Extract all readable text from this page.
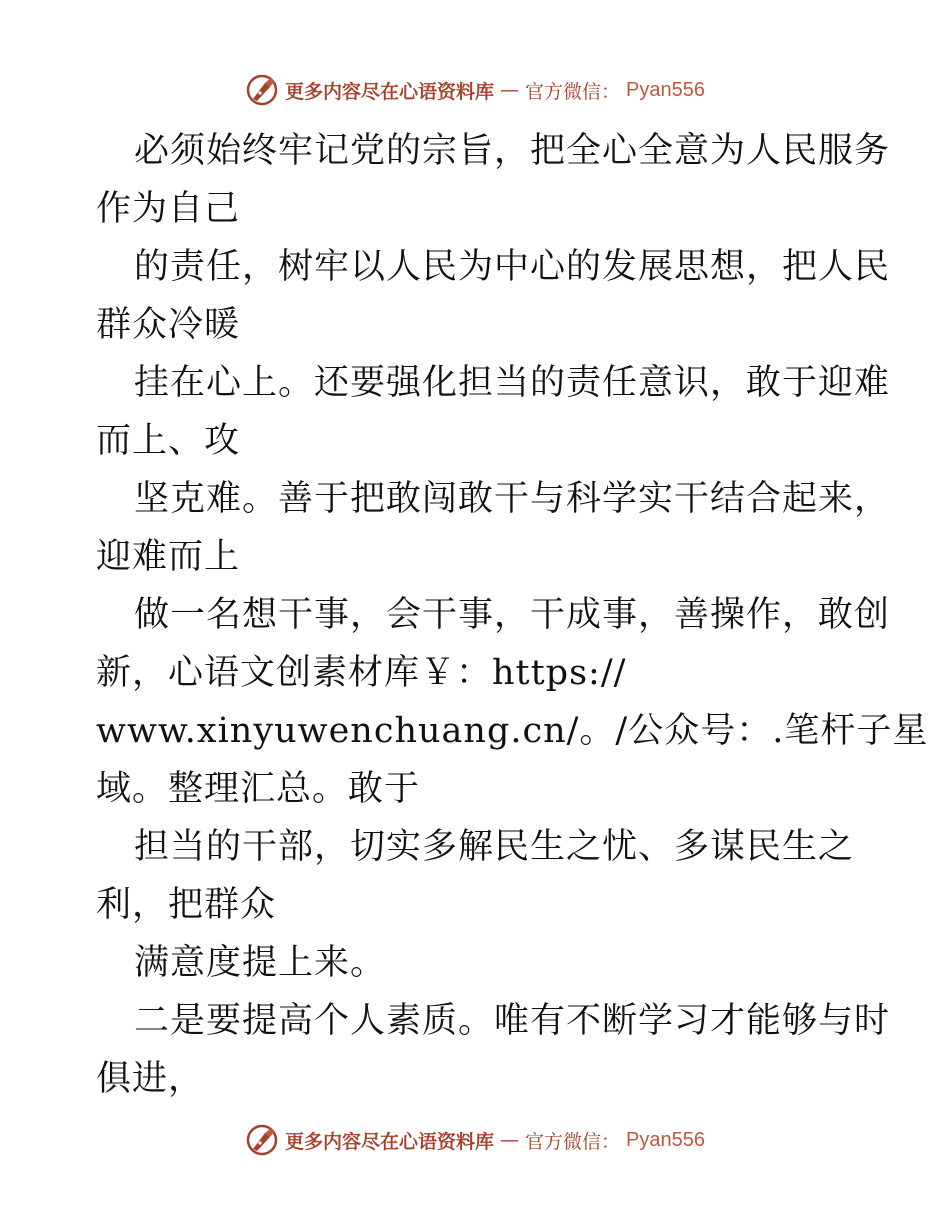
更多内容尽在心语资料库 — 官方微信： Pyan556
必须始终牢记党的宗旨，把全心全意为人民服务
作为自己
的责任，树牢以人民为中心的发展思想，把人民
群众冷暖
挂在心上。还要强化担当的责任意识，敢于迎难
而上、攻
坚克难。善于把敢闯敢干与科学实干结合起来，
迎难而上
做一名想干事，会干事，干成事，善操作，敢创
新，心语文创素材库￥：https://
www.xinyuwenchuang.cn/。/公众号：.笔杆子星
域。整理汇总。敢于
担当的干部，切实多解民生之忧、多谋民生之
利，把群众
满意度提上来。
二是要提高个人素质。唯有不断学习才能够与时
俱进，
更多内容尽在心语资料库 — 官方微信： Pyan556
